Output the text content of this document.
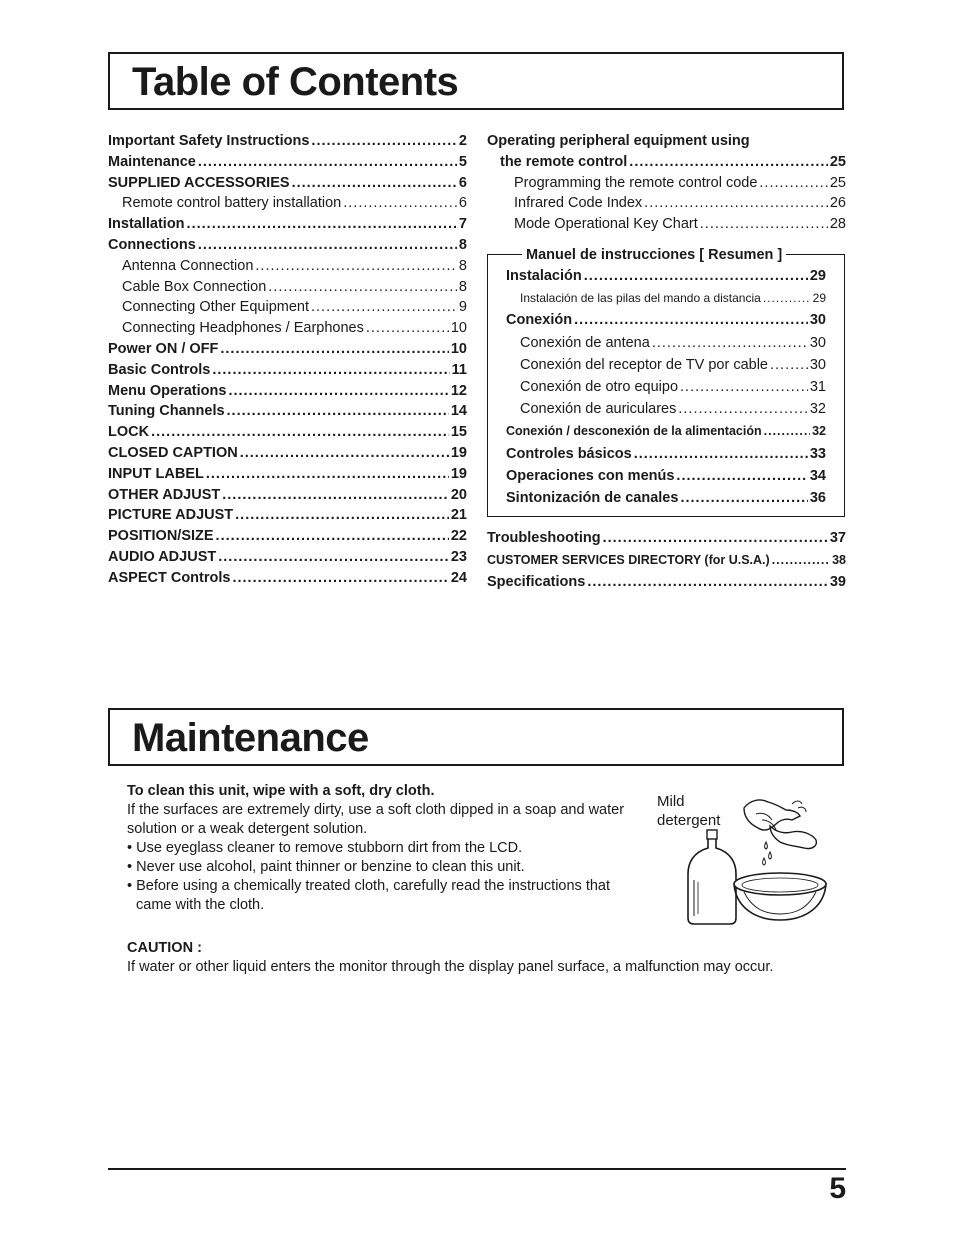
Table of Contents
Important Safety Instructions .....	2
Maintenance .....	5
SUPPLIED ACCESSORIES .....	6
Remote control battery installation .....	6
Installation .....	7
Connections .....	8
Antenna Connection .....	8
Cable Box Connection .....	8
Connecting Other Equipment .....	9
Connecting Headphones / Earphones .....	10
Power ON / OFF .....	10
Basic Controls .....	11
Menu Operations .....	12
Tuning Channels .....	14
LOCK .....	15
CLOSED CAPTION .....	19
INPUT LABEL .....	19
OTHER ADJUST .....	20
PICTURE ADJUST .....	21
POSITION/SIZE .....	22
AUDIO ADJUST .....	23
ASPECT Controls .....	24
Operating peripheral equipment using
the remote control .....	25
Programming the remote control code .....	25
Infrared Code Index .....	26
Mode Operational Key Chart .....	28
Manuel de instrucciones [ Resumen ]
Instalación .....	29
Instalación de las pilas del mando a distancia .....	29
Conexión .....	30
Conexión de antena .....	30
Conexión del receptor de TV por cable .....	30
Conexión de otro equipo .....	31
Conexión de auriculares .....	32
Conexión / desconexión de la alimentación .....	32
Controles básicos .....	33
Operaciones con menús .....	34
Sintonización de canales .....	36
Troubleshooting .....	37
CUSTOMER SERVICES DIRECTORY (for U.S.A.) .....	38
Specifications .....	39
Maintenance

To clean this unit, wipe with a soft, dry cloth.

If the surfaces are extremely dirty, use a soft cloth dipped in a soap and water solution or a weak detergent solution.

• Use eyeglass cleaner to remove stubborn dirt from the LCD.

• Never use alcohol, paint thinner or benzine to clean this unit.

• Before using a chemically treated cloth, carefully read the instructions that came with the cloth.

Mild detergent

CAUTION :

If water or other liquid enters the monitor through the display panel surface, a malfunction may occur.

5
